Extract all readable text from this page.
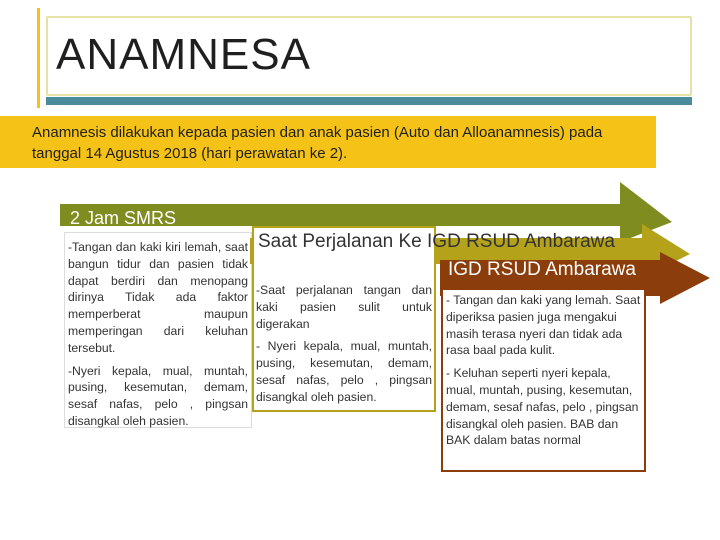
ANAMNESA
Anamnesis dilakukan kepada pasien dan anak pasien (Auto dan Alloanamnesis) pada tanggal 14 Agustus 2018 (hari perawatan ke 2).
2 Jam SMRS

-Tangan dan kaki kiri lemah, saat bangun tidur dan pasien tidak dapat berdiri dan menopang dirinya Tidak ada faktor memperberat maupun memperingan dari keluhan tersebut.

-Nyeri kepala, mual, muntah, pusing, kesemutan, demam, sesaf nafas, pelo , pingsan disangkal oleh pasien.

Saat Perjalanan Ke IGD RSUD Ambarawa
IGD RSUD Ambarawa

-Saat perjalanan tangan dan kaki pasien sulit untuk digerakan

- Nyeri kepala, mual, muntah, pusing, kesemutan, demam, sesaf nafas, pelo , pingsan disangkal oleh pasien.

- Tangan dan kaki yang lemah. Saat diperiksa pasien juga mengakui masih terasa nyeri dan tidak ada rasa baal pada kulit.

- Keluhan seperti nyeri kepala, mual, muntah, pusing, kesemutan, demam, sesaf nafas, pelo , pingsan disangkal oleh pasien. BAB dan BAK dalam batas normal
